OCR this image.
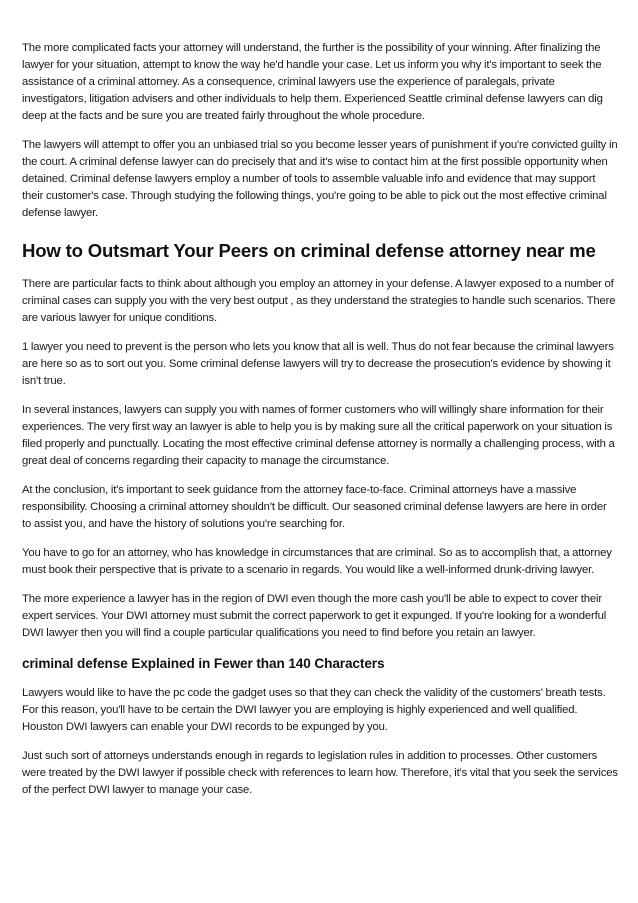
The more complicated facts your attorney will understand, the further is the possibility of your winning. After finalizing the lawyer for your situation, attempt to know the way he'd handle your case. Let us inform you why it's important to seek the assistance of a criminal attorney. As a consequence, criminal lawyers use the experience of paralegals, private investigators, litigation advisers and other individuals to help them. Experienced Seattle criminal defense lawyers can dig deep at the facts and be sure you are treated fairly throughout the whole procedure.

The lawyers will attempt to offer you an unbiased trial so you become lesser years of punishment if you're convicted guilty in the court. A criminal defense lawyer can do precisely that and it's wise to contact him at the first possible opportunity when detained. Criminal defense lawyers employ a number of tools to assemble valuable info and evidence that may support their customer's case. Through studying the following things, you're going to be able to pick out the most effective criminal defense lawyer.

How to Outsmart Your Peers on criminal defense attorney near me

There are particular facts to think about although you employ an attorney in your defense. A lawyer exposed to a number of criminal cases can supply you with the very best output , as they understand the strategies to handle such scenarios. There are various lawyer for unique conditions.

1 lawyer you need to prevent is the person who lets you know that all is well. Thus do not fear because the criminal lawyers are here so as to sort out you. Some criminal defense lawyers will try to decrease the prosecution's evidence by showing it isn't true.

In several instances, lawyers can supply you with names of former customers who will willingly share information for their experiences. The very first way an lawyer is able to help you is by making sure all the critical paperwork on your situation is filed properly and punctually. Locating the most effective criminal defense attorney is normally a challenging process, with a great deal of concerns regarding their capacity to manage the circumstance.

At the conclusion, it's important to seek guidance from the attorney face-to-face. Criminal attorneys have a massive responsibility. Choosing a criminal attorney shouldn't be difficult. Our seasoned criminal defense lawyers are here in order to assist you, and have the history of solutions you're searching for.

You have to go for an attorney, who has knowledge in circumstances that are criminal. So as to accomplish that, a attorney must book their perspective that is private to a scenario in regards. You would like a well-informed drunk-driving lawyer.

The more experience a lawyer has in the region of DWI even though the more cash you'll be able to expect to cover their expert services. Your DWI attorney must submit the correct paperwork to get it expunged. If you're looking for a wonderful DWI lawyer then you will find a couple particular qualifications you need to find before you retain an lawyer.

criminal defense Explained in Fewer than 140 Characters

Lawyers would like to have the pc code the gadget uses so that they can check the validity of the customers' breath tests. For this reason, you'll have to be certain the DWI lawyer you are employing is highly experienced and well qualified. Houston DWI lawyers can enable your DWI records to be expunged by you.

Just such sort of attorneys understands enough in regards to legislation rules in addition to processes. Other customers were treated by the DWI lawyer if possible check with references to learn how. Therefore, it's vital that you seek the services of the perfect DWI lawyer to manage your case.
